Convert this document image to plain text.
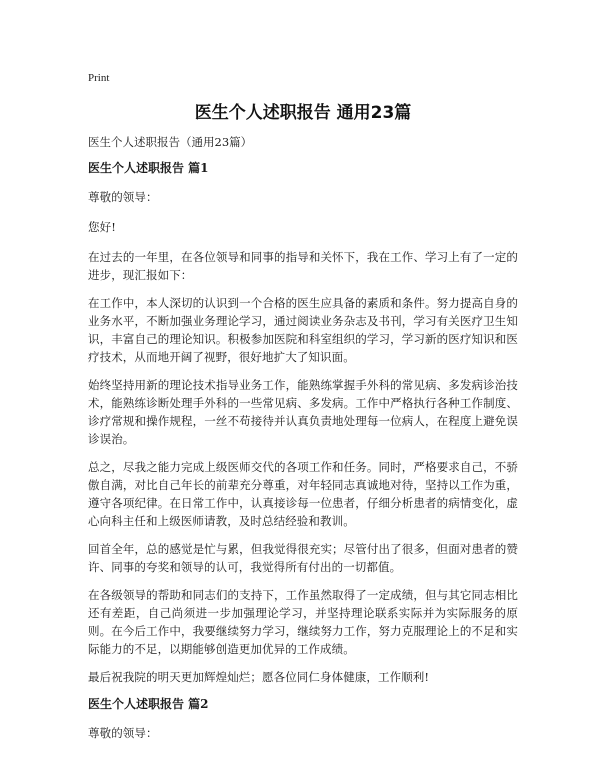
Print
医生个人述职报告 通用23篇
医生个人述职报告（通用23篇）
医生个人述职报告 篇1

尊敬的领导：

您好!

在过去的一年里，在各位领导和同事的指导和关怀下，我在工作、学习上有了一定的进步，现汇报如下：

在工作中，本人深切的认识到一个合格的医生应具备的素质和条件。努力提高自身的业务水平，不断加强业务理论学习，通过阅读业务杂志及书刊，学习有关医疗卫生知识，丰富自己的理论知识。积极参加医院和科室组织的学习，学习新的医疗知识和医疗技术，从而地开阔了视野，很好地扩大了知识面。

始终坚持用新的理论技术指导业务工作，能熟练掌握手外科的常见病、多发病诊治技术，能熟练诊断处理手外科的一些常见病、多发病。工作中严格执行各种工作制度、诊疗常规和操作规程，一丝不苟接待并认真负责地处理每一位病人，在程度上避免误诊误治。

总之，尽我之能力完成上级医师交代的各项工作和任务。同时，严格要求自己，不骄傲自满，对比自己年长的前辈充分尊重，对年轻同志真诚地对待，坚持以工作为重，遵守各项纪律。在日常工作中，认真接诊每一位患者，仔细分析患者的病情变化，虚心向科主任和上级医师请教，及时总结经验和教训。

回首全年，总的感觉是忙与累，但我觉得很充实；尽管付出了很多，但面对患者的赞许、同事的夸奖和领导的认可，我觉得所有付出的一切都值。

在各级领导的帮助和同志们的支持下，工作虽然取得了一定成绩，但与其它同志相比还有差距，自己尚须进一步加强理论学习，并坚持理论联系实际并为实际服务的原则。在今后工作中，我要继续努力学习，继续努力工作，努力克服理论上的不足和实际能力的不足，以期能够创造更加优异的工作成绩。

最后祝我院的明天更加辉煌灿烂；愿各位同仁身体健康，工作顺利!

医生个人述职报告 篇2

尊敬的领导：
